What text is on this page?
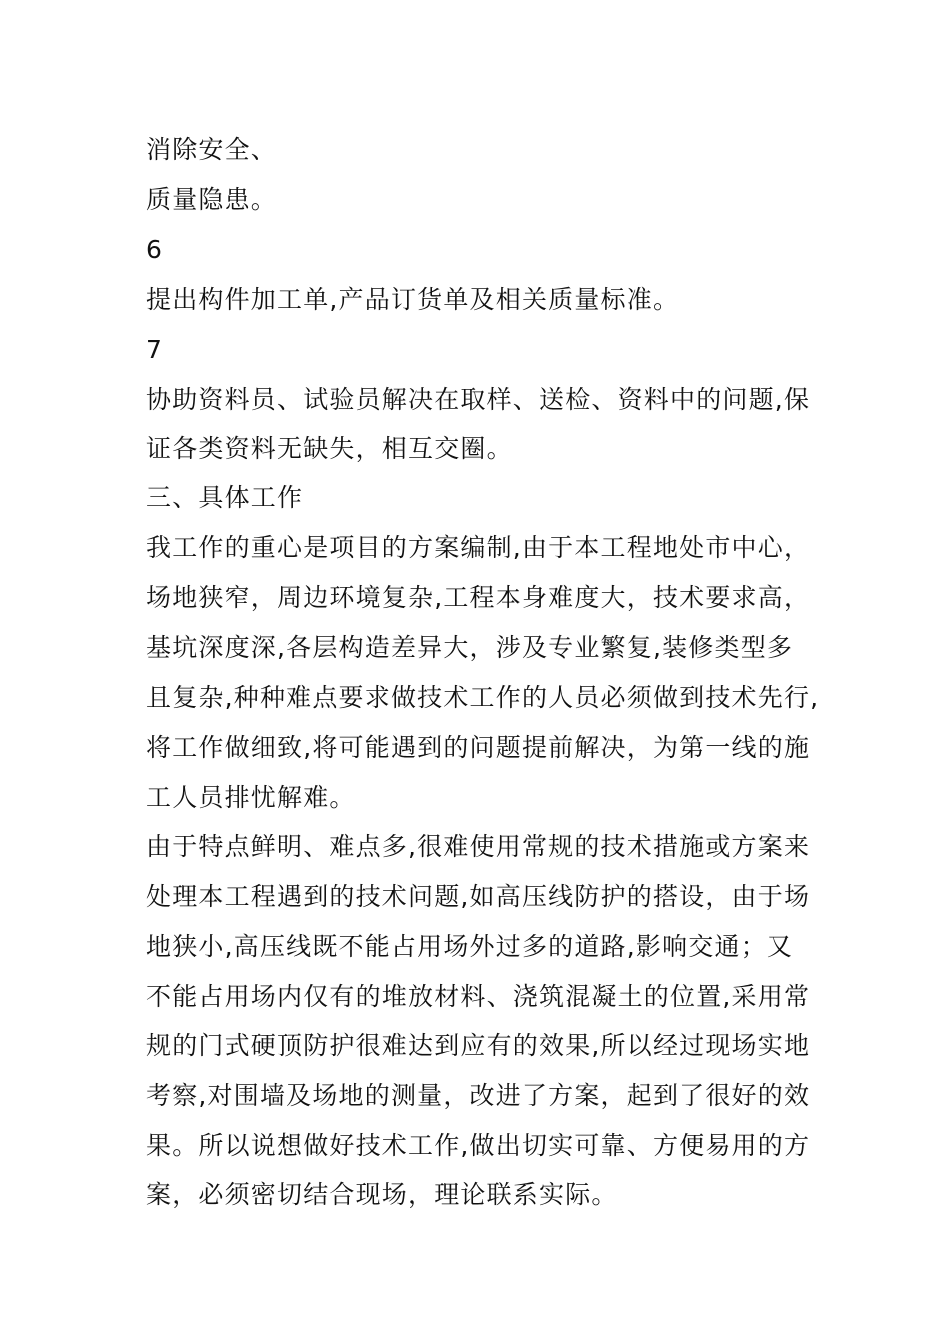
消除安全、

质量隐患。

6

提出构件加工单,产品订货单及相关质量标准。

7

协助资料员、试验员解决在取样、送检、资料中的问题,保

证各类资料无缺失，相互交圈。

三、具体工作

我工作的重心是项目的方案编制,由于本工程地处市中心，

场地狭窄，周边环境复杂,工程本身难度大，技术要求高，

基坑深度深,各层构造差异大，涉及专业繁复,装修类型多

且复杂,种种难点要求做技术工作的人员必须做到技术先行,

将工作做细致,将可能遇到的问题提前解决，为第一线的施

工人员排忧解难。

由于特点鲜明、难点多,很难使用常规的技术措施或方案来

处理本工程遇到的技术问题,如高压线防护的搭设，由于场

地狭小,高压线既不能占用场外过多的道路,影响交通；又

不能占用场内仅有的堆放材料、浇筑混凝土的位置,采用常

规的门式硬顶防护很难达到应有的效果,所以经过现场实地

考察,对围墙及场地的测量，改进了方案，起到了很好的效

果。所以说想做好技术工作,做出切实可靠、方便易用的方

案，必须密切结合现场，理论联系实际。
